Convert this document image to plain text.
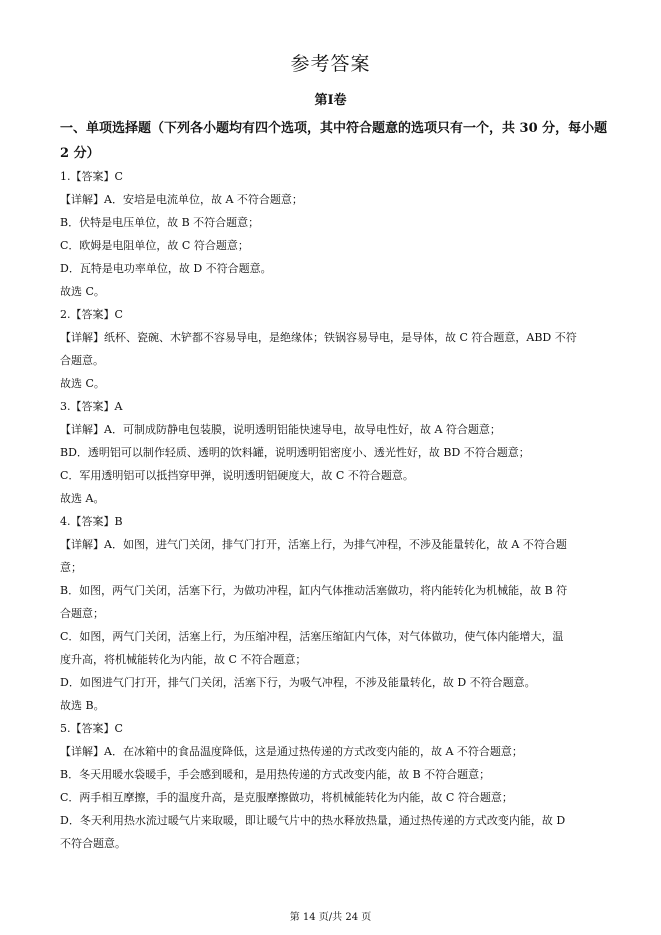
参考答案
第Ⅰ卷
一、单项选择题（下列各小题均有四个选项，其中符合题意的选项只有一个，共 30 分，每小题 2 分）

1.【答案】C

【详解】A．安培是电流单位，故 A 不符合题意；

B．伏特是电压单位，故 B 不符合题意；

C．欧姆是电阻单位，故 C 符合题意；

D．瓦特是电功率单位，故 D 不符合题意。

故选 C。

2.【答案】C

【详解】纸杯、瓷碗、木铲都不容易导电，是绝缘体；铁锅容易导电，是导体，故 C 符合题意，ABD 不符

合题意。

故选 C。

3.【答案】A

【详解】A．可制成防静电包装膜，说明透明铝能快速导电，故导电性好，故 A 符合题意；

BD．透明铝可以制作轻质、透明的饮料罐，说明透明铝密度小、透光性好，故 BD 不符合题意；

C．军用透明铝可以抵挡穿甲弹，说明透明铝硬度大，故 C 不符合题意。

故选 A。

4.【答案】B

【详解】A．如图，进气门关闭，排气门打开，活塞上行，为排气冲程，不涉及能量转化，故 A 不符合题

意；

B．如图，两气门关闭，活塞下行，为做功冲程，缸内气体推动活塞做功，将内能转化为机械能，故 B 符

合题意；

C．如图，两气门关闭，活塞上行，为压缩冲程，活塞压缩缸内气体，对气体做功，使气体内能增大，温

度升高，将机械能转化为内能，故 C 不符合题意；

D．如图进气门打开，排气门关闭，活塞下行，为吸气冲程，不涉及能量转化，故 D 不符合题意。

故选 B。

5.【答案】C

【详解】A．在冰箱中的食品温度降低，这是通过热传递的方式改变内能的，故 A 不符合题意；

B．冬天用暖水袋暖手，手会感到暖和，是用热传递的方式改变内能，故 B 不符合题意；

C．两手相互摩擦，手的温度升高，是克服摩擦做功，将机械能转化为内能，故 C 符合题意；

D．冬天利用热水流过暖气片来取暖，即让暖气片中的热水释放热量，通过热传递的方式改变内能，故 D

不符合题意。

第 14 页/共 24 页
